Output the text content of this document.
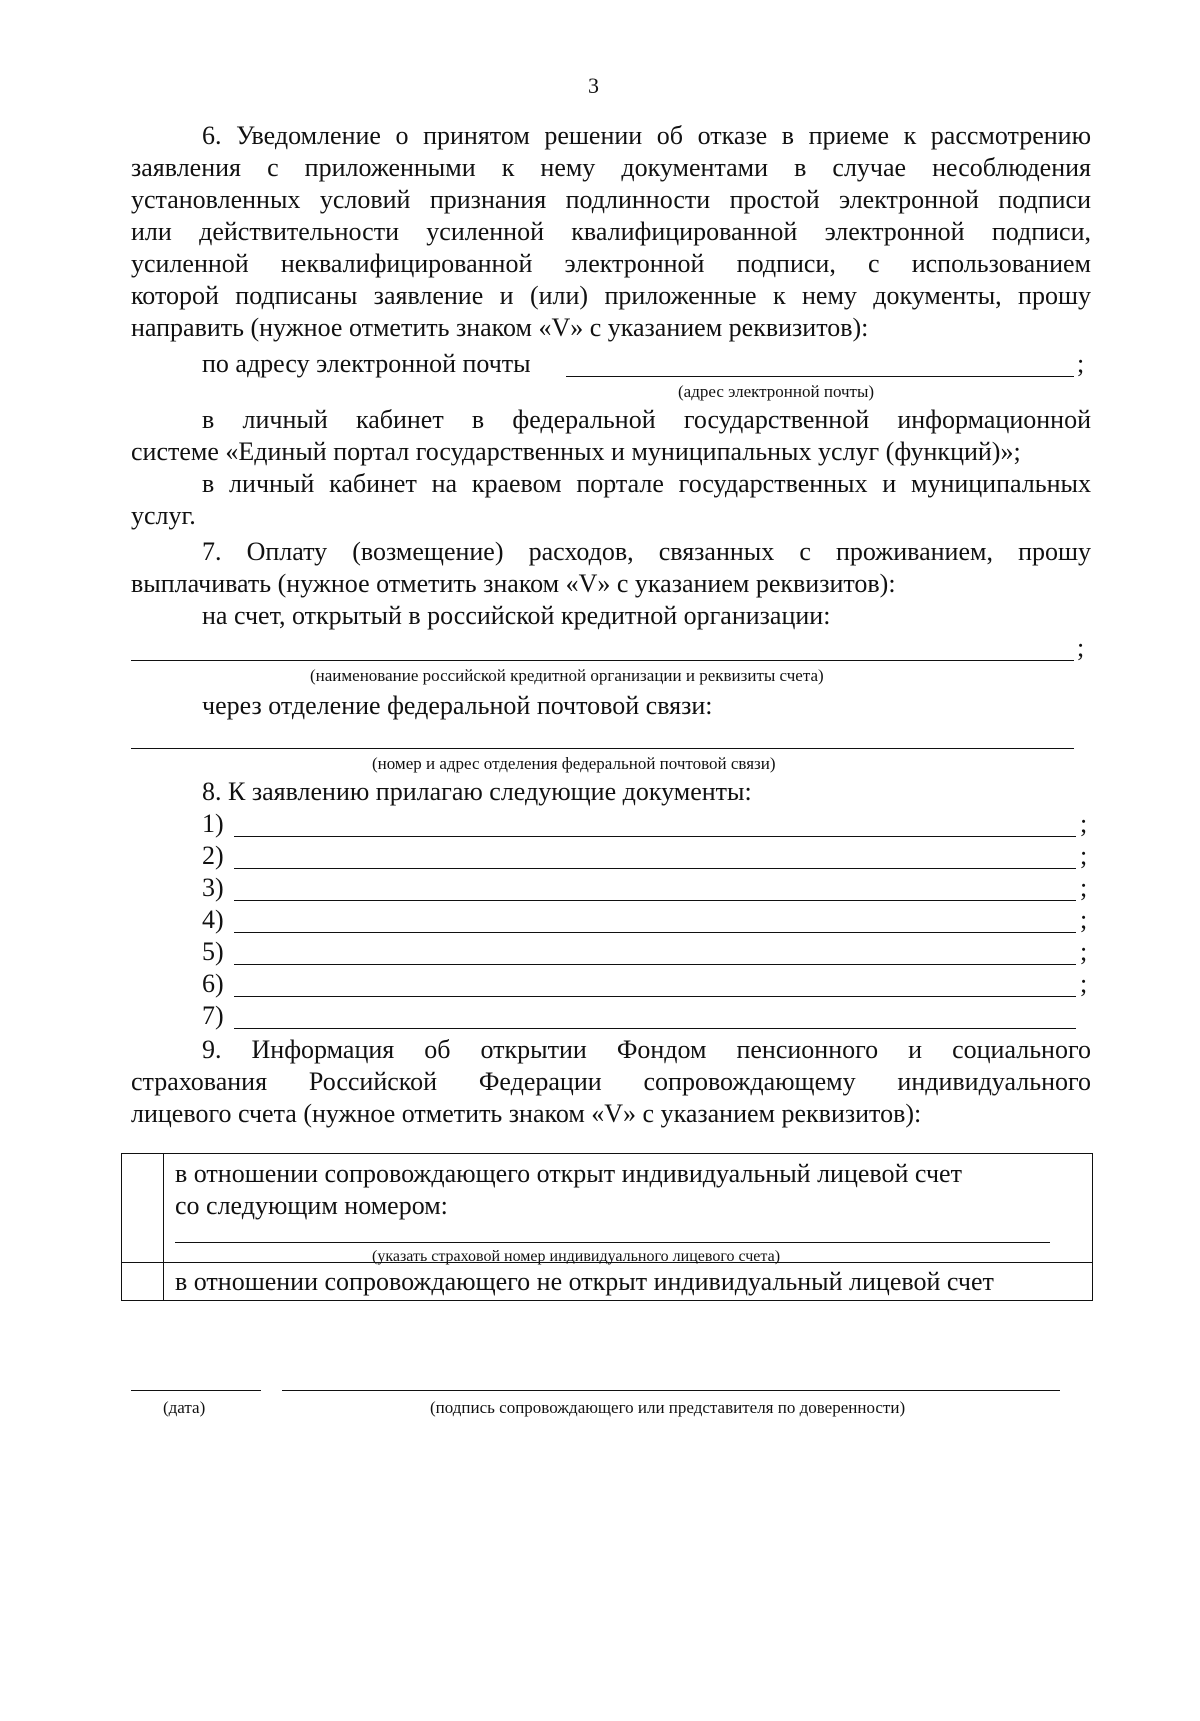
3
6. Уведомление о принятом решении об отказе в приеме к рассмотрению
заявления с приложенными к нему документами в случае несоблюдения
установленных условий признания подлинности простой электронной подписи
или действительности усиленной квалифицированной электронной подписи,
усиленной неквалифицированной электронной подписи, с использованием
которой подписаны заявление и (или) приложенные к нему документы, прошу
направить (нужное отметить знаком «V» с указанием реквизитов):
по адресу электронной почты	;
(адрес электронной почты)
в личный кабинет в федеральной государственной информационной
системе «Единый портал государственных и муниципальных услуг (функций)»;
в личный кабинет на краевом портале государственных и муниципальных
услуг.
7. Оплату (возмещение) расходов, связанных с проживанием, прошу
выплачивать (нужное отметить знаком «V» с указанием реквизитов):
на счет, открытый в российской кредитной организации:
;
(наименование российской кредитной организации и реквизиты счета)
через отделение федеральной почтовой связи:
(номер и адрес отделения федеральной почтовой связи)
8. К заявлению прилагаю следующие документы:
1)	;
2)	;
3)	;
4)	;
5)	;
6)	;
7)
9. Информация об открытии Фондом пенсионного и социального
страхования Российской Федерации сопровождающему индивидуального
лицевого счета (нужное отметить знаком «V» с указанием реквизитов):
в отношении сопровождающего открыт индивидуальный лицевой счет
со следующим номером:
(указать страховой номер индивидуального лицевого счета)
в отношении сопровождающего не открыт индивидуальный лицевой счет
(дата)	(подпись сопровождающего или представителя по доверенности)
